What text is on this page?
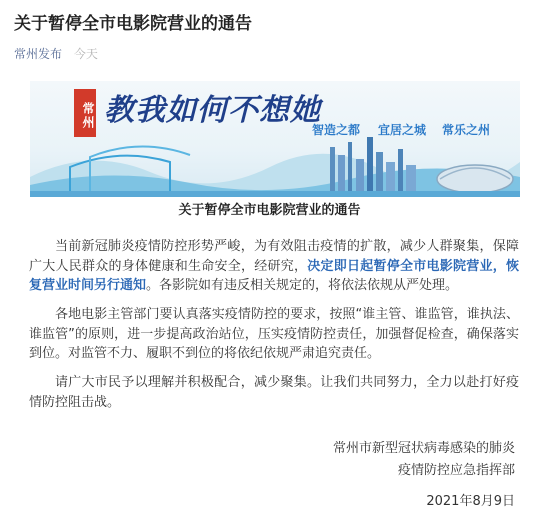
关于暂停全市电影院营业的通告
常州发布 今天
常州 教我如何不想她
智造之都 宜居之城 常乐之州
关于暂停全市电影院营业的通告

当前新冠肺炎疫情防控形势严峻，为有效阻击疫情的扩散，减少人群聚集，保障广大人民群众的身体健康和生命安全，经研究，决定即日起暂停全市电影院营业，恢复营业时间另行通知。各影院如有违反相关规定的，将依法依规从严处理。

各地电影主管部门要认真落实疫情防控的要求，按照“谁主管、谁监管，谁执法、谁监管”的原则，进一步提高政治站位，压实疫情防控责任，加强督促检查，确保落实到位。对监管不力、履职不到位的将依纪依规严肃追究责任。

请广大市民予以理解并积极配合，减少聚集。让我们共同努力，全力以赴打好疫情防控阻击战。

常州市新型冠状病毒感染的肺炎
疫情防控应急指挥部
2021年8月9日
